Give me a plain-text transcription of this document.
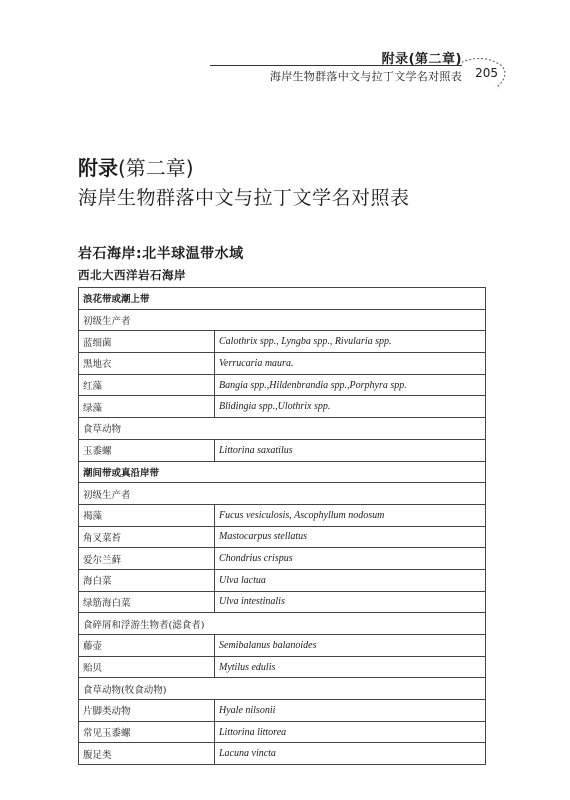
附录(第二章)
海岸生物群落中文与拉丁文学名对照表 205
附录(第二章)
海岸生物群落中文与拉丁文学名对照表
岩石海岸:北半球温带水域
西北大西洋岩石海岸
浪花带或潮上带	
初级生产者	
蓝细菌	Calothrix spp., Lyngba spp., Rivularia spp.
黑地衣	Verrucaria maura.
红藻	Bangia spp.,Hildenbrandia spp.,Porphyra spp.
绿藻	Blidingia spp.,Ulothrix spp.
食草动物	
玉黍螺	Littorina saxatilus
潮间带或真沿岸带	
初级生产者	
褐藻	Fucus vesiculosis, Ascophyllum nodosum
角叉菜苔	Mastocarpus stellatus
爱尔兰藓	Chondrius crispus
海白菜	Ulva lactua
绿筋海白菜	Ulva intestinalis
食碎屑和浮游生物者(滤食者)	
藤壶	Semibalanus balanoides
贻贝	Mytilus edulis
食草动物(牧食动物)	
片脚类动物	Hyale nilsonii
常见玉黍螺	Littorina littorea
腹足类	Lacuna vincta
